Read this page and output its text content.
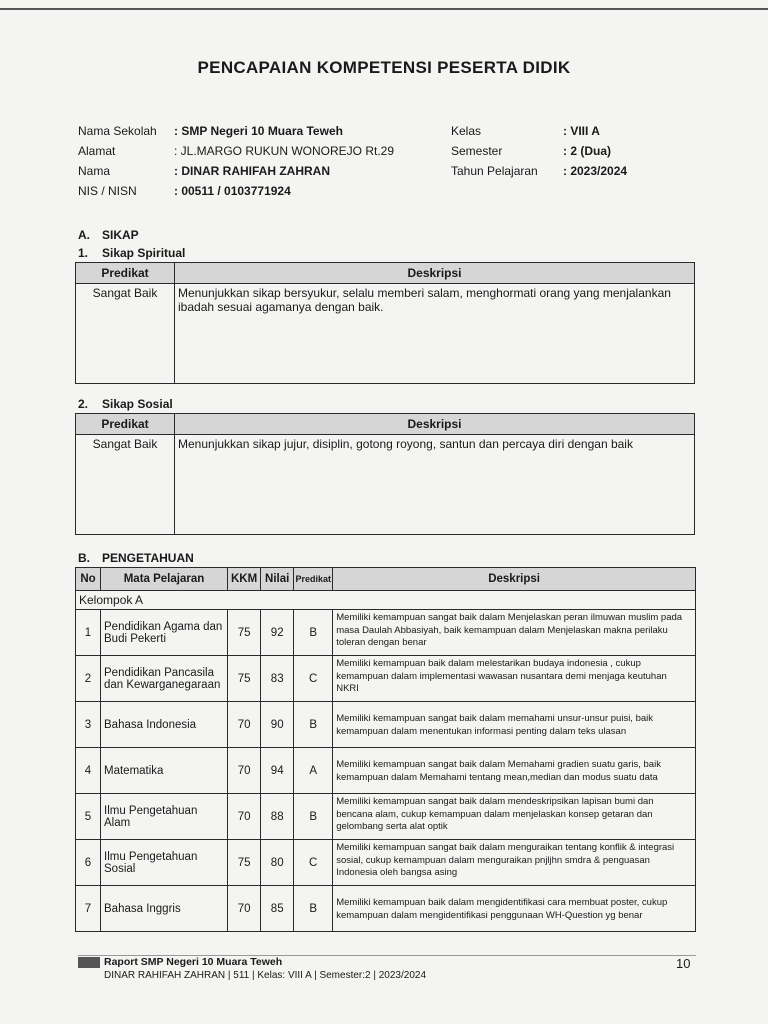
PENCAPAIAN KOMPETENSI PESERTA DIDIK
Nama Sekolah : SMP Negeri 10 Muara Teweh
Alamat	: JL.MARGO RUKUN WONOREJO Rt.29
Nama	: DINAR RAHIFAH ZAHRAN
NIS / NISN	: 00511 / 0103771924
Kelas	: VIII A
Semester	: 2 (Dua)
Tahun Pelajaran : 2023/2024
A. SIKAP
1. Sikap Spiritual
Predikat	Deskripsi
Sangat Baik	Menunjukkan sikap bersyukur, selalu memberi salam, menghormati orang yang menjalankan ibadah sesuai agamanya dengan baik.
2. Sikap Sosial
Predikat	Deskripsi
Sangat Baik	Menunjukkan sikap jujur, disiplin, gotong royong, santun dan percaya diri dengan baik
B. PENGETAHUAN
No	Mata Pelajaran	KKM	Nilai	Predikat	Deskripsi
Kelompok A					
1	Pendidikan Agama dan Budi Pekerti	75	92	B	Memiliki kemampuan sangat baik dalam Menjelaskan peran ilmuwan muslim pada masa Daulah Abbasiyah, baik kemampuan dalam Menjelaskan makna perilaku toleran dengan benar
2	Pendidikan Pancasila dan Kewarganegaraan	75	83	C	Memiliki kemampuan baik dalam melestarikan budaya indonesia , cukup kemampuan dalam implementasi wawasan nusantara demi menjaga keutuhan NKRI
3	Bahasa Indonesia	70	90	B	Memiliki kemampuan sangat baik dalam memahami unsur-unsur puisi, baik kemampuan dalam menentukan informasi penting dalam teks ulasan
4	Matematika	70	94	A	Memiliki kemampuan sangat baik dalam Memahami gradien suatu garis, baik kemampuan dalam Memahami tentang mean,median dan modus suatu data
5	Ilmu Pengetahuan Alam	70	88	B	Memiliki kemampuan sangat baik dalam mendeskripsikan lapisan bumi dan bencana alam, cukup kemampuan dalam menjelaskan konsep getaran dan gelombang serta alat optik
6	Ilmu Pengetahuan Sosial	75	80	C	Memiliki kemampuan sangat baik dalam menguraikan tentang konflik & integrasi sosial, cukup kemampuan dalam menguraikan pnjljhn smdra & penguasan Indonesia oleh bangsa asing
7	Bahasa Inggris	70	85	B	Memiliki kemampuan baik dalam mengidentifikasi cara membuat poster, cukup kemampuan dalam mengidentifikasi penggunaan WH-Question yg benar
Raport SMP Negeri 10 Muara Teweh
DINAR RAHIFAH ZAHRAN | 511 | Kelas: VIII A | Semester:2 | 2023/2024
10
